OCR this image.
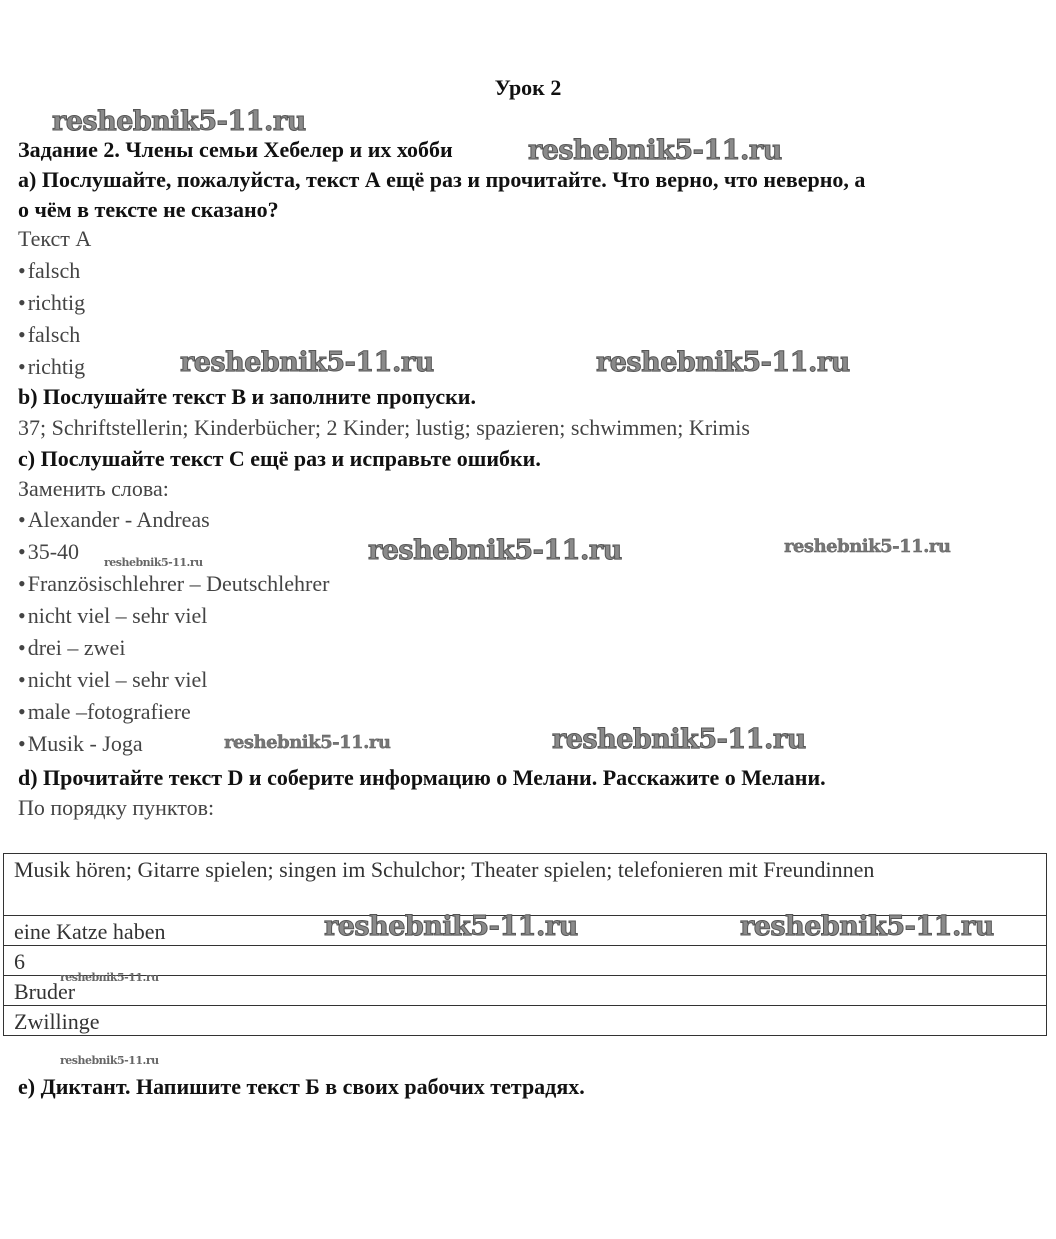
Урок 2
Задание 2. Члены семьи Хебелер и их хобби
а) Послушайте, пожалуйста, текст А ещё раз и прочитайте. Что верно, что неверно, а
о чём в тексте не сказано?
Текст А
• falsch
• richtig
• falsch
• richtig
b) Послушайте текст В и заполните пропуски.
37; Schriftstellerin; Kinderbücher; 2 Kinder; lustig; spazieren; schwimmen; Krimis
с) Послушайте текст С ещё раз и исправьте ошибки.
Заменить слова:
• Alexander - Andreas
• 35-40
• Französischlehrer – Deutschlehrer
• nicht viel – sehr viel
• drei – zwei
• nicht viel – sehr viel
• male –fotografiere
• Musik - Joga
d) Прочитайте текст D и соберите информацию о Мелани. Расскажите о Мелани.
По порядку пунктов:
Musik hören; Gitarre spielen; singen im Schulchor; Theater spielen; telefonieren mit Freundinnen
eine Katze haben
6
Bruder
Zwillinge
е) Диктант. Напишите текст Б в своих рабочих тетрадях.
reshebnik5-11.ru
reshebnik5-11.ru
reshebnik5-11.ru	reshebnik5-11.ru
reshebnik5-11.ru	reshebnik5-11.ru
reshebnik5-11.ru
reshebnik5-11.ru	reshebnik5-11.ru
reshebnik5-11.ru	reshebnik5-11.ru
reshebnik5-11.ru
reshebnik5-11.ru
